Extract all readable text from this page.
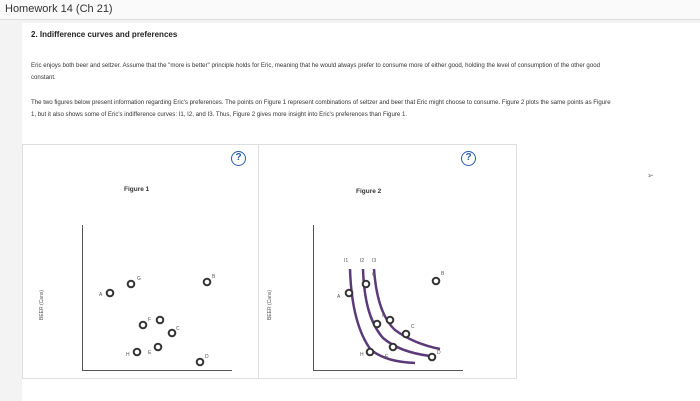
Homework 14 (Ch 21)
2. Indifference curves and preferences
Eric enjoys both beer and seltzer. Assume that the "more is better" principle holds for Eric, meaning that he would always prefer to consume more of either good, holding the level of consumption of the other good constant.
The two figures below present information regarding Eric's preferences. The points on Figure 1 represent combinations of seltzer and beer that Eric might choose to consume. Figure 2 plots the same points as Figure 1, but it also shows some of Eric's indifference curves: I1, I2, and I3. Thus, Figure 2 gives more insight into Eric's preferences than Figure 1.
?	?
Figure 1	Figure 2
BEER (Cans)	BEER (Cans)
I1 I2 I3
A
G	B
F
C
H	E
D
A
G	B
F
C
H	E
D
➢
